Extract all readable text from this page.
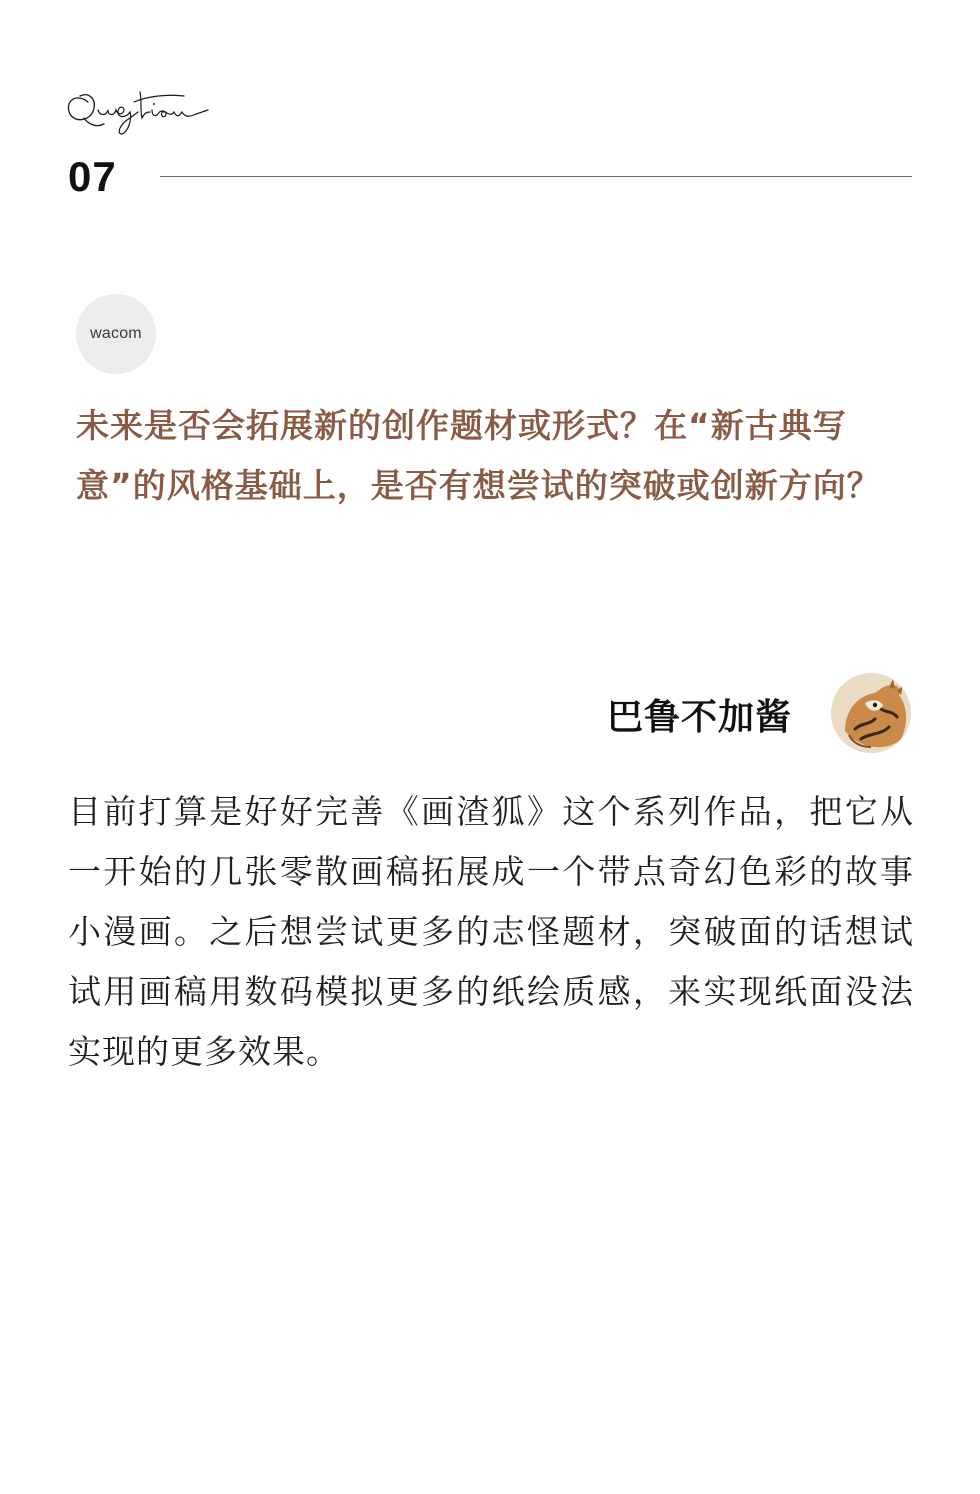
07
wacom
未来是否会拓展新的创作题材或形式？在“新古典写意”的风格基础上，是否有想尝试的突破或创新方向？
巴鲁不加酱
目前打算是好好完善《画渣狐》这个系列作品，把它从一开始的几张零散画稿拓展成一个带点奇幻色彩的故事小漫画。之后想尝试更多的志怪题材，突破面的话想试试用画稿用数码模拟更多的纸绘质感，来实现纸面没法实现的更多效果。
